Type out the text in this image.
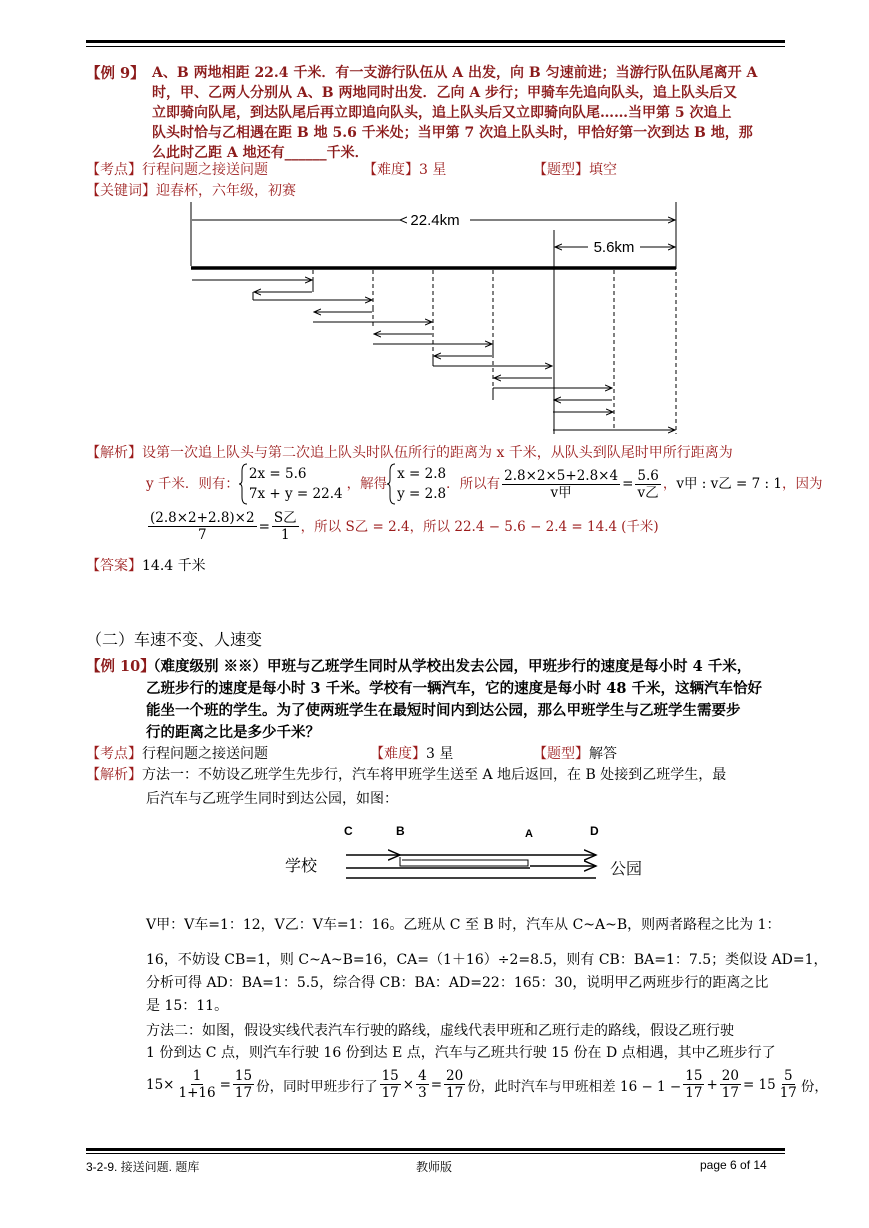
【例 9】 A、B 两地相距 22.4 千米．有一支游行队伍从 A 出发，向 B 匀速前进；当游行队伍队尾离开 A
时，甲、乙两人分别从 A、B 两地同时出发．乙向 A 步行；甲骑车先追向队头，追上队头后又
立即骑向队尾，到达队尾后再立即追向队头，追上队头后又立即骑向队尾……当甲第 5 次追上
队头时恰与乙相遇在距 B 地 5.6 千米处；当甲第 7 次追上队头时，甲恰好第一次到达 B 地，那
么此时乙距 A 地还有______千米．
【考点】行程问题之接送问题	【难度】3 星	【题型】填空
【关键词】迎春杯，六年级，初赛
22.4km
5.6km
【解析】设第一次追上队头与第二次追上队头时队伍所行的距离为 x 千米，从队头到队尾时甲所行距离为
y 千米．则有：
2x = 5.6
7x + y = 22.4
，解得
x = 2.8
y = 2.8
．所以有 $\frac{2.8\times 2\times 5+2.8\times 4}{\text{v甲}} = \frac{5.6}{\text{v乙}}$ ， v甲 : v乙 = 7 : 1 ，因为
$\frac{(2.8\times 2+2.8)\times 2}{7} = \frac{\text{S乙}}{1}$ ，所以 S乙 = 2.4 ，所以 22.4 − 5.6 − 2.4 = 14.4 (千米)
【答案】14.4 千米
（二）车速不变、人速变
【例 10】
（难度级别 ※※）甲班与乙班学生同时从学校出发去公园，甲班步行的速度是每小时 4 千米，
乙班步行的速度是每小时 3 千米。学校有一辆汽车，它的速度是每小时 48 千米，这辆汽车恰好
能坐一个班的学生。为了使两班学生在最短时间内到达公园，那么甲班学生与乙班学生需要步
行的距离之比是多少千米？
【考点】行程问题之接送问题	【难度】3 星	【题型】解答
【解析】方法一：不妨设乙班学生先步行，汽车将甲班学生送至 A 地后返回，在 B 处接到乙班学生，最
后汽车与乙班学生同时到达公园，如图：
C	B	A	D
学校	公园
V甲：V车=1：12，V乙：V车=1：16。乙班从 C 至 B 时，汽车从 C~A~B，则两者路程之比为 1：
16，不妨设 CB=1，则 C~A~B=16，CA=（1＋16）÷2=8.5，则有 CB：BA=1：7.5；类似设 AD=1，
分析可得 AD：BA=1：5.5，综合得 CB：BA：AD=22：165：30，说明甲乙两班步行的距离之比
是 15：11。
方法二：如图，假设实线代表汽车行驶的路线，虚线代表甲班和乙班行走的路线，假设乙班行驶
1 份到达 C 点，则汽车行驶 16 份到达 E 点，汽车与乙班共行驶 15 份在 D 点相遇，其中乙班步行了
$15\times \frac{1}{1+16} = \frac{15}{17}$ 份，同时甲班步行了 $\frac{15}{17} \times \frac{4}{3} = \frac{20}{17}$ 份，此时汽车与甲班相差 $16 - 1 - \frac{15}{17} + \frac{20}{17} = 15 \frac{5}{17}$ 份，
3-2-9. 接送问题. 题库	教师版	page 6 of 14
